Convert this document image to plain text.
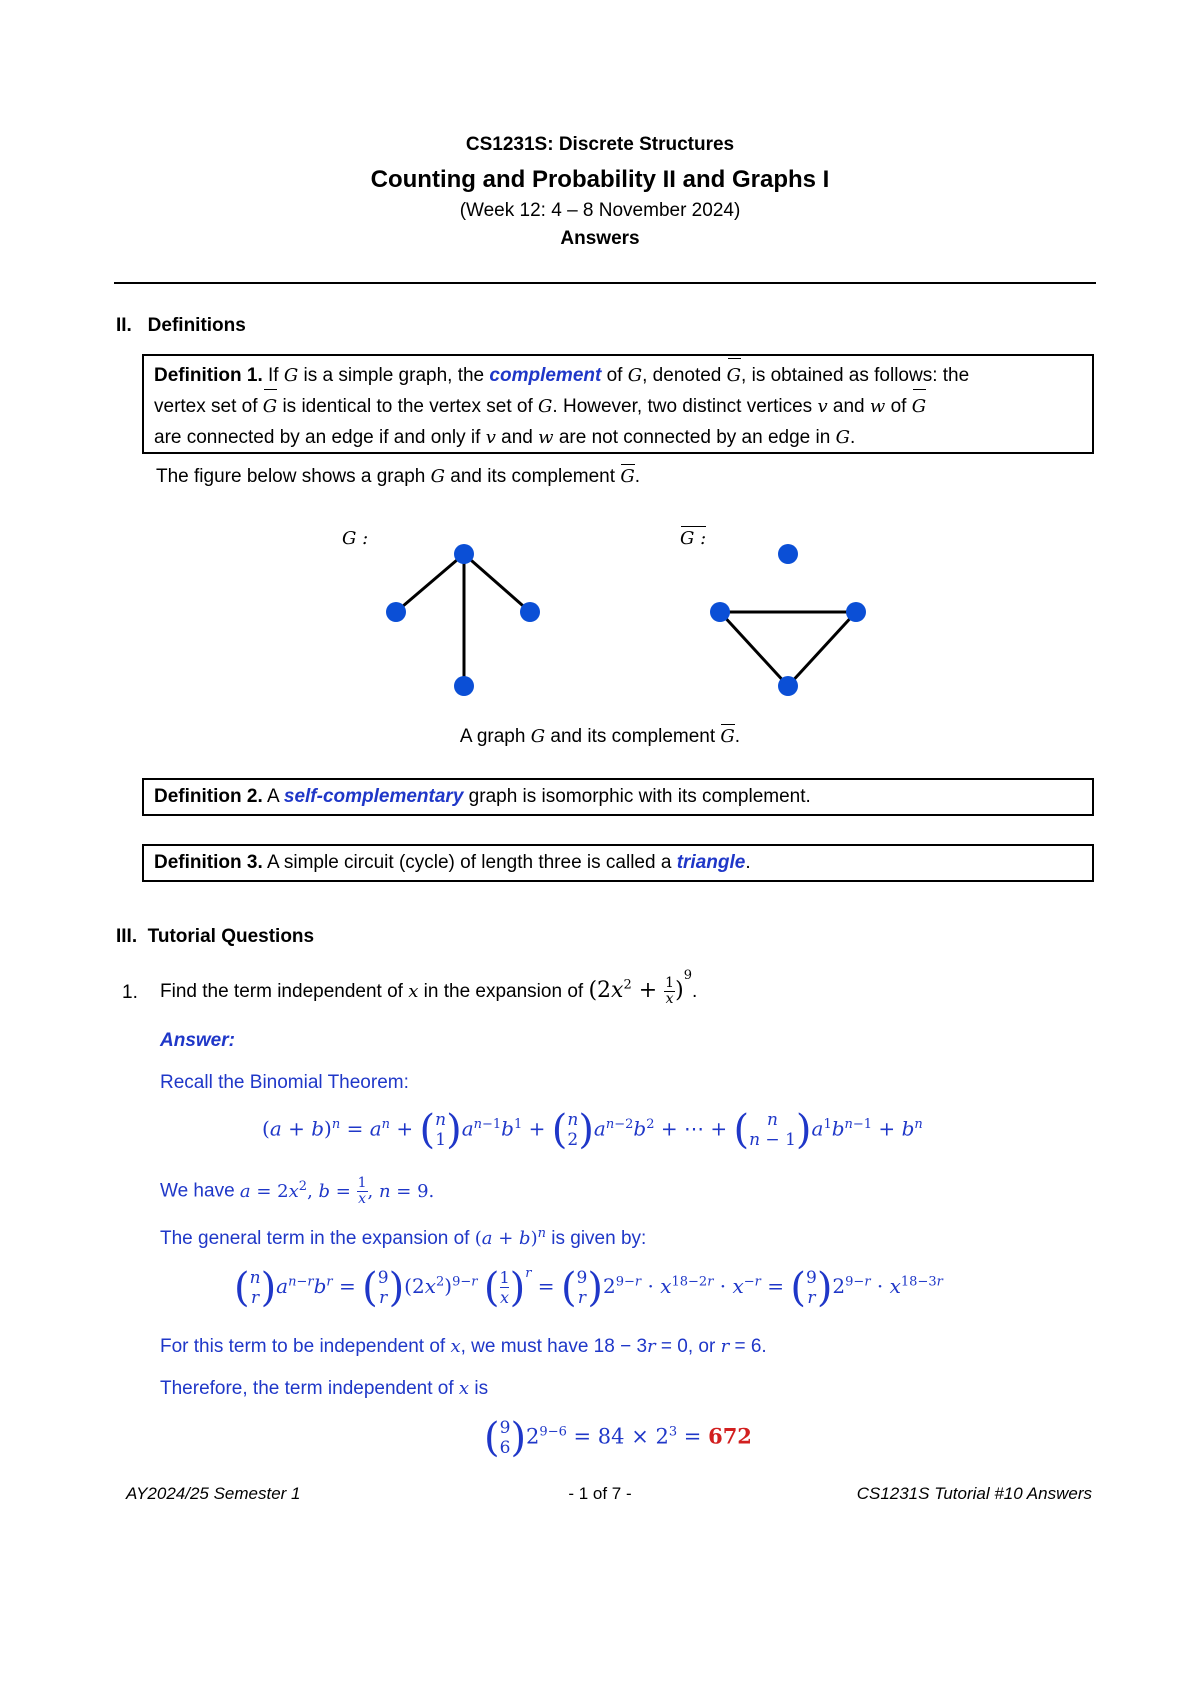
CS1231S: Discrete Structures
Counting and Probability II and Graphs I
(Week 12: 4 – 8 November 2024)
Answers
II.   Definitions
Definition 1. If G is a simple graph, the complement of G, denoted G, is obtained as follows: the
vertex set of G is identical to the vertex set of G. However, two distinct vertices v and w of G
are connected by an edge if and only if v and w are not connected by an edge in G.
The figure below shows a graph G and its complement G.
G :	G :
A graph G and its complement G.
Definition 2. A self-complementary graph is isomorphic with its complement.
Definition 3. A simple circuit (cycle) of length three is called a triangle.
III.  Tutorial Questions
1. Find the term independent of x in the expansion of $(2x^2 + \frac{1}{x} )^9$.
Answer:
Recall the Binomial Theorem:
$(a + b)^n = a^n + (n$
$1)a^{n-1}b^1 + (n$
$2)a^{n-2}b^2$ + ⋯ + ( n
$n - 1)a^1b^{n-1} + b^n$
We have $a = 2x^2$, $b = \frac{1}{x}$ , n = 9.
The general term in the expansion of $(a + b)^n$ is given by:
(n
$r)a^{n-r}b^r = (9$
$r)(2x^2)^{9-r}$ (1
x)$^r$ = (9
$r)2^{9-r} \cdot x^{18-2r} \cdot x^{-r} = (9$
$r)2^{9-r} \cdot x^{18-3r}$
For this term to be independent of x, we must have 18 − 3r = 0, or r = 6.
Therefore, the term independent of x is
(9
$6)2^{9-6} = 84 \times 2^3 = 672$
AY2024/25 Semester 1	- 1 of 7 -	CS1231S Tutorial #10 Answers
